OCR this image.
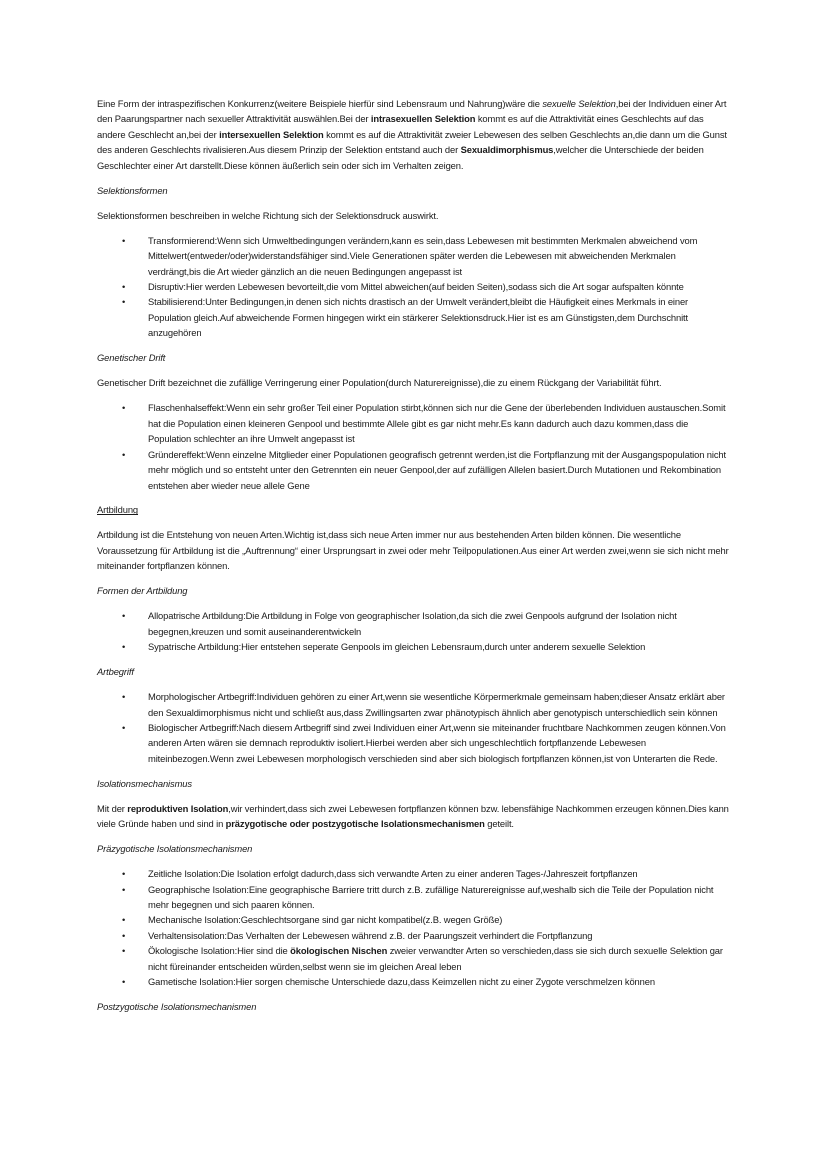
Eine Form der intraspezifischen Konkurrenz(weitere Beispiele hierfür sind Lebensraum und Nahrung)wäre die sexuelle Selektion,bei der Individuen einer Art den Paarungspartner nach sexueller Attraktivität auswählen.Bei der intrasexuellen Selektion kommt es auf die Attraktivität eines Geschlechts auf das andere Geschlecht an,bei der intersexuellen Selektion kommt es auf die Attraktivität zweier Lebewesen des selben Geschlechts an,die dann um die Gunst des anderen Geschlechts rivalisieren.Aus diesem Prinzip der Selektion entstand auch der Sexualdimorphismus,welcher die Unterschiede der beiden Geschlechter einer Art darstellt.Diese können äußerlich sein oder sich im Verhalten zeigen.

Selektionsformen

Selektionsformen beschreiben in welche Richtung sich der Selektionsdruck auswirkt.

• Transformierend:Wenn sich Umweltbedingungen verändern,kann es sein,dass Lebewesen mit bestimmten Merkmalen abweichend vom Mittelwert(entweder/oder)widerstandsfähiger sind.Viele Generationen später werden die Lebewesen mit abweichenden Merkmalen verdrängt,bis die Art wieder gänzlich an die neuen Bedingungen angepasst ist
• Disruptiv:Hier werden Lebewesen bevorteilt,die vom Mittel abweichen(auf beiden Seiten),sodass sich die Art sogar aufspalten könnte
• Stabilisierend:Unter Bedingungen,in denen sich nichts drastisch an der Umwelt verändert,bleibt die Häufigkeit eines Merkmals in einer Population gleich.Auf abweichende Formen hingegen wirkt ein stärkerer Selektionsdruck.Hier ist es am Günstigsten,dem Durchschnitt anzugehören

Genetischer Drift

Genetischer Drift bezeichnet die zufällige Verringerung einer Population(durch Naturereignisse),die zu einem Rückgang der Variabilität führt.

• Flaschenhalseffekt:Wenn ein sehr großer Teil einer Population stirbt,können sich nur die Gene der überlebenden Individuen austauschen.Somit hat die Population einen kleineren Genpool und bestimmte Allele gibt es gar nicht mehr.Es kann dadurch auch dazu kommen,dass die Population schlechter an ihre Umwelt angepasst ist
• Gründereffekt:Wenn einzelne Mitglieder einer Populationen geografisch getrennt werden,ist die Fortpflanzung mit der Ausgangspopulation nicht mehr möglich und so entsteht unter den Getrennten ein neuer Genpool,der auf zufälligen Allelen basiert.Durch Mutationen und Rekombination entstehen aber wieder neue allele Gene

Artbildung

Artbildung ist die Entstehung von neuen Arten.Wichtig ist,dass sich neue Arten immer nur aus bestehenden Arten bilden können. Die wesentliche Voraussetzung für Artbildung ist die „Auftrennung“ einer Ursprungsart in zwei oder mehr Teilpopulationen.Aus einer Art werden zwei,wenn sie sich nicht mehr miteinander fortpflanzen können.

Formen der Artbildung

• Allopatrische Artbildung:Die Artbildung in Folge von geographischer Isolation,da sich die zwei Genpools aufgrund der Isolation nicht begegnen,kreuzen und somit auseinanderentwickeln
• Sypatrische Artbildung:Hier entstehen seperate Genpools im gleichen Lebensraum,durch unter anderem sexuelle Selektion

Artbegriff

• Morphologischer Artbegriff:Individuen gehören zu einer Art,wenn sie wesentliche Körpermerkmale gemeinsam haben;dieser Ansatz erklärt aber den Sexualdimorphismus nicht und schließt aus,dass Zwillingsarten zwar phänotypisch ähnlich aber genotypisch unterschiedlich sein können
• Biologischer Artbegriff:Nach diesem Artbegriff sind zwei Individuen einer Art,wenn sie miteinander fruchtbare Nachkommen zeugen können.Von anderen Arten wären sie demnach reproduktiv isoliert.Hierbei werden aber sich ungeschlechtlich fortpflanzende Lebewesen miteinbezogen.Wenn zwei Lebewesen morphologisch verschieden sind aber sich biologisch fortpflanzen können,ist von Unterarten die Rede.

Isolationsmechanismus

Mit der reproduktiven Isolation,wir verhindert,dass sich zwei Lebewesen fortpflanzen können bzw. lebensfähige Nachkommen erzeugen können.Dies kann viele Gründe haben und sind in präzygotische oder postzygotische Isolationsmechanismen geteilt.

Präzygotische Isolationsmechanismen

• Zeitliche Isolation:Die Isolation erfolgt dadurch,dass sich verwandte Arten zu einer anderen Tages-/Jahreszeit fortpflanzen
• Geographische Isolation:Eine geographische Barriere tritt durch z.B. zufällige Naturereignisse auf,weshalb sich die Teile der Population nicht mehr begegnen und sich paaren können.
• Mechanische Isolation:Geschlechtsorgane sind gar nicht kompatibel(z.B. wegen Größe)
• Verhaltensisolation:Das Verhalten der Lebewesen während z.B. der Paarungszeit verhindert die Fortpflanzung
• Ökologische Isolation:Hier sind die ökologischen Nischen zweier verwandter Arten so verschieden,dass sie sich durch sexuelle Selektion gar nicht füreinander entscheiden würden,selbst wenn sie im gleichen Areal leben
• Gametische Isolation:Hier sorgen chemische Unterschiede dazu,dass Keimzellen nicht zu einer Zygote verschmelzen können

Postzygotische Isolationsmechanismen
